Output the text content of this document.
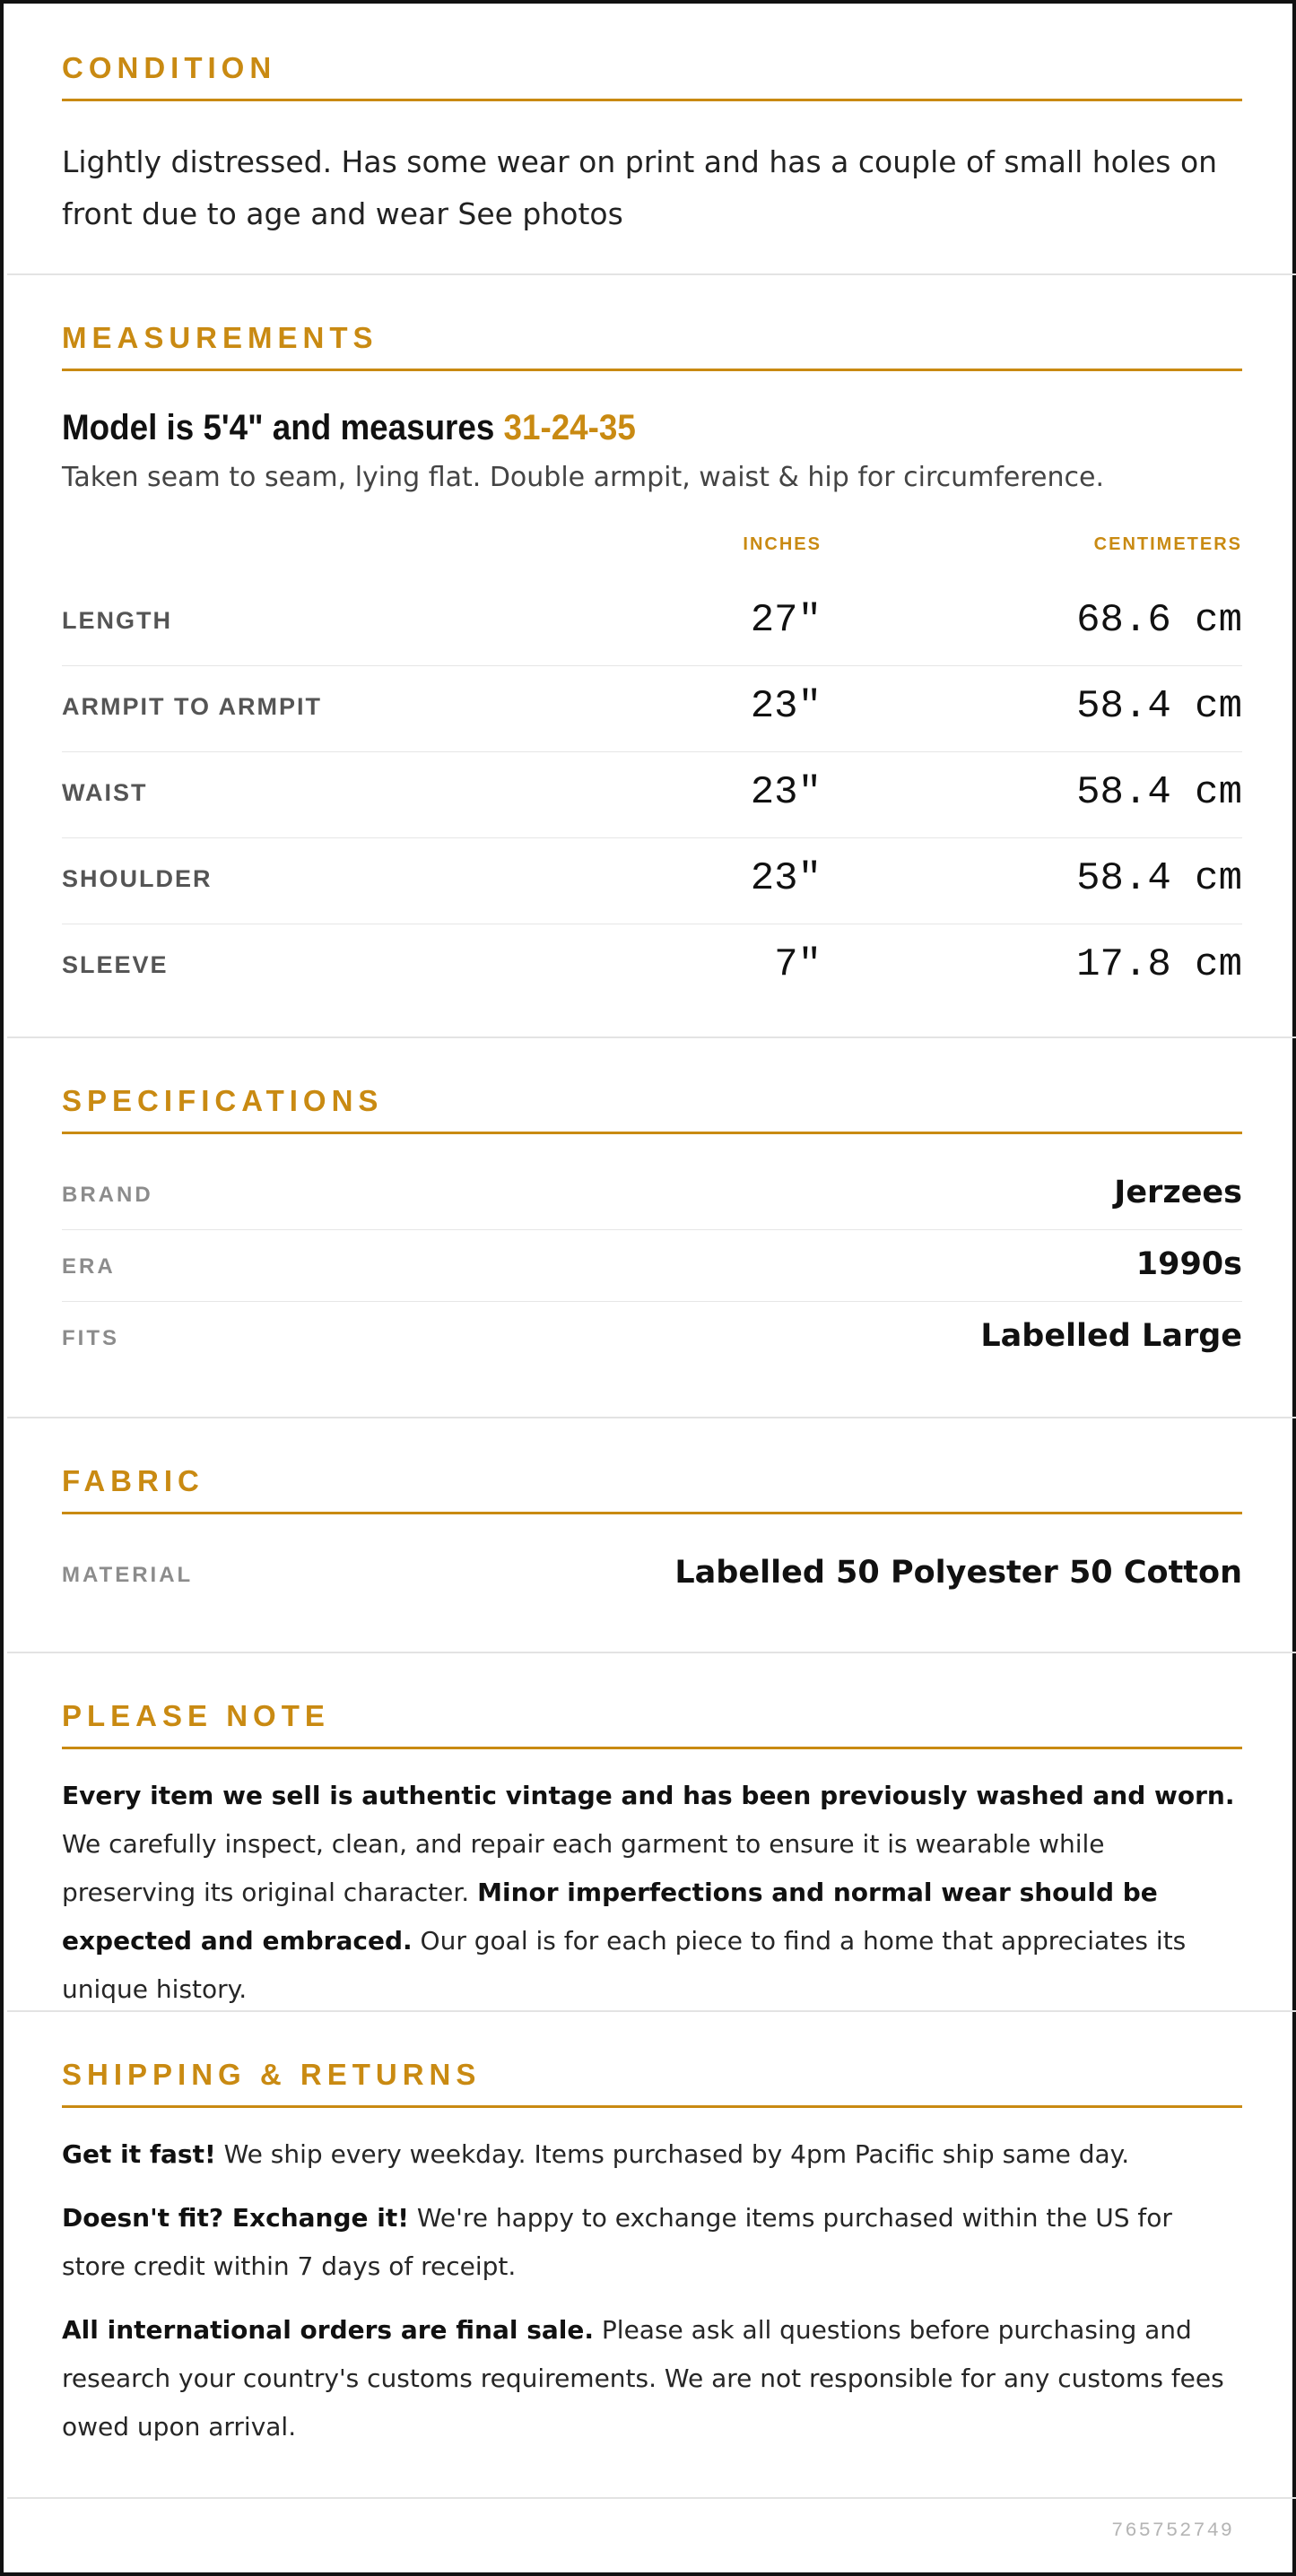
CONDITION
Lightly distressed. Has some wear on print and has a couple of small holes on front due to age and wear See photos
MEASUREMENTS
Model is 5'4" and measures 31-24-35
Taken seam to seam, lying flat. Double armpit, waist & hip for circumference.
INCHES	CENTIMETERS
LENGTH	27"	68.6 cm
ARMPIT TO ARMPIT	23"	58.4 cm
WAIST	23"	58.4 cm
SHOULDER	23"	58.4 cm
SLEEVE	7"	17.8 cm
SPECIFICATIONS
BRAND	Jerzees
ERA	1990s
FITS	Labelled Large
FABRIC
MATERIAL	Labelled 50 Polyester 50 Cotton
PLEASE NOTE
Every item we sell is authentic vintage and has been previously washed and worn. We carefully inspect, clean, and repair each garment to ensure it is wearable while preserving its original character. Minor imperfections and normal wear should be expected and embraced. Our goal is for each piece to find a home that appreciates its unique history.
SHIPPING & RETURNS
Get it fast! We ship every weekday. Items purchased by 4pm Pacific ship same day.
Doesn't fit? Exchange it! We're happy to exchange items purchased within the US for store credit within 7 days of receipt.
All international orders are final sale. Please ask all questions before purchasing and research your country's customs requirements. We are not responsible for any customs fees owed upon arrival.
765752749
